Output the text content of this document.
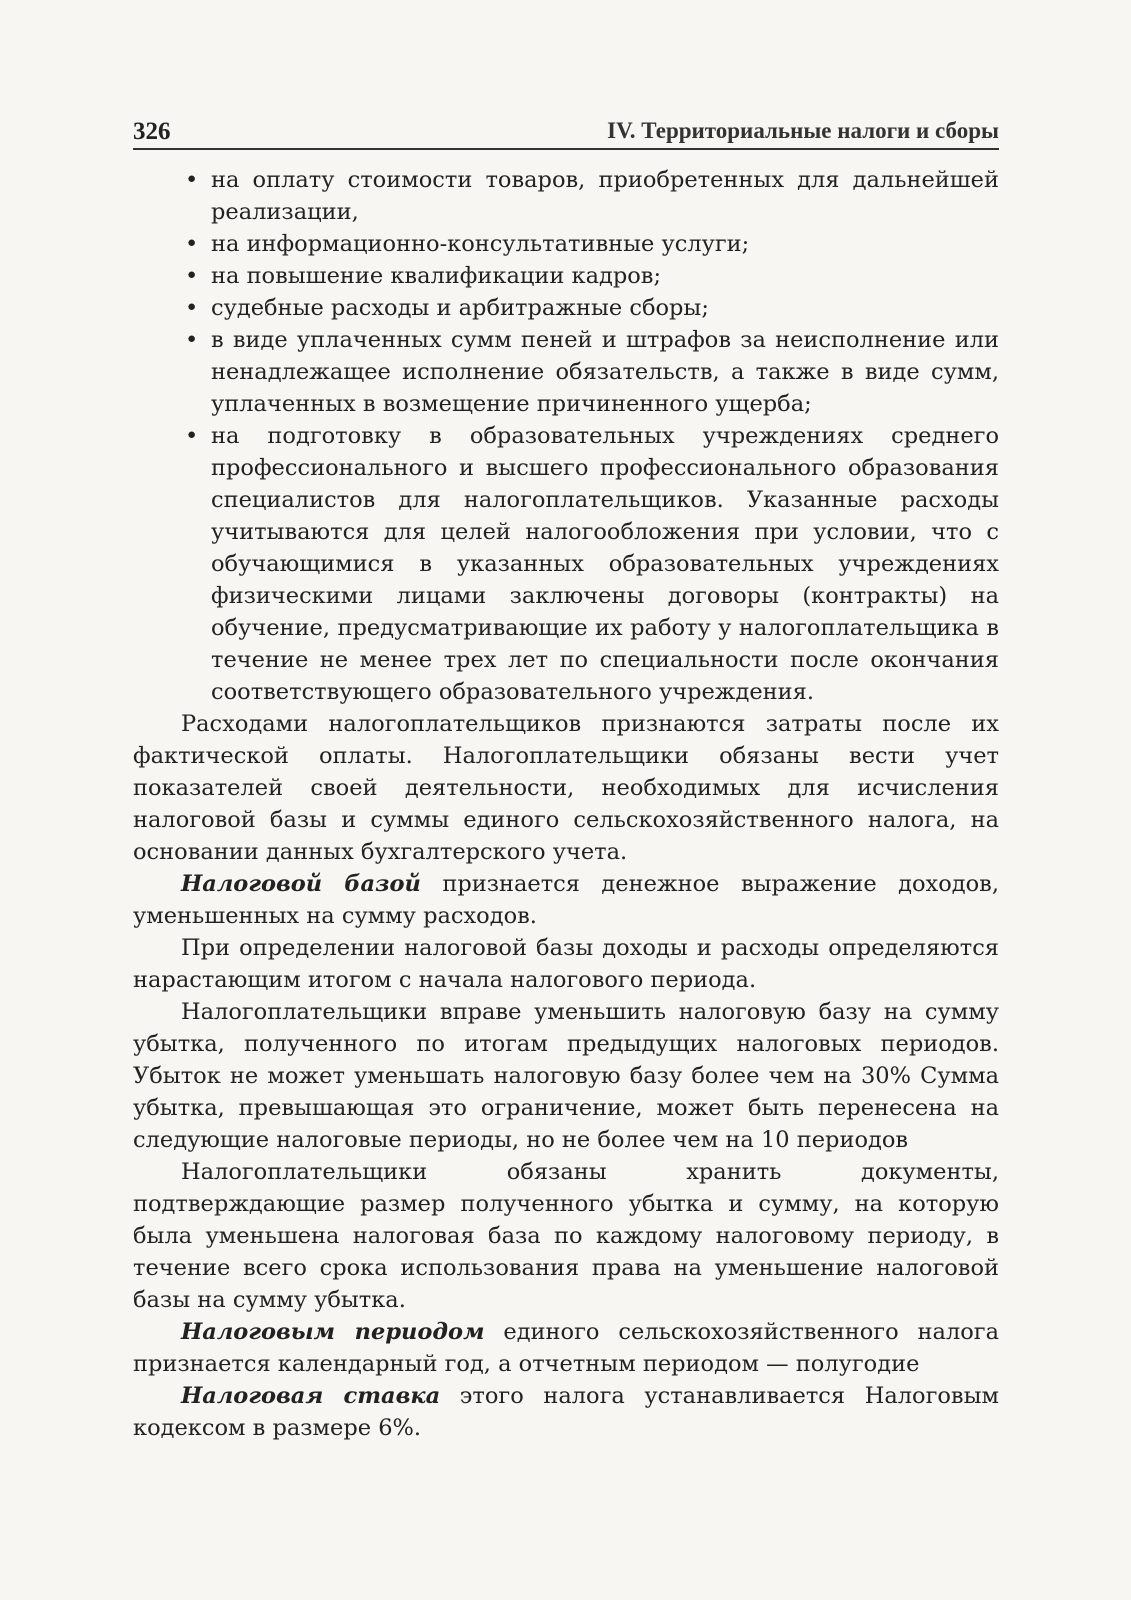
326	IV. Территориальные налоги и сборы
• на оплату стоимости товаров, приобретенных для дальнейшей реализации,
• на информационно-консультативные услуги;
• на повышение квалификации кадров;
• судебные расходы и арбитражные сборы;
• в виде уплаченных сумм пеней и штрафов за неисполнение или ненадлежащее исполнение обязательств, а также в виде сумм, уплаченных в возмещение причиненного ущерба;
• на подготовку в образовательных учреждениях среднего профессионального и высшего профессионального образования специалистов для налогоплательщиков. Указанные расходы учитываются для целей налогообложения при условии, что с обучающимися в указанных образовательных учреждениях физическими лицами заключены договоры (контракты) на обучение, предусматривающие их работу у налогоплательщика в течение не менее трех лет по специальности после окончания соответствующего образовательного учреждения.

Расходами налогоплательщиков признаются затраты после их фактической оплаты. Налогоплательщики обязаны вести учет показателей своей деятельности, необходимых для исчисления налоговой базы и суммы единого сельскохозяйственного налога, на основании данных бухгалтерского учета.

Налоговой базой признается денежное выражение доходов, уменьшенных на сумму расходов.

При определении налоговой базы доходы и расходы определяются нарастающим итогом с начала налогового периода.

Налогоплательщики вправе уменьшить налоговую базу на сумму убытка, полученного по итогам предыдущих налоговых периодов. Убыток не может уменьшать налоговую базу более чем на 30% Сумма убытка, превышающая это ограничение, может быть перенесена на следующие налоговые периоды, но не более чем на 10 периодов

Налогоплательщики обязаны хранить документы, подтверждающие размер полученного убытка и сумму, на которую была уменьшена налоговая база по каждому налоговому периоду, в течение всего срока использования права на уменьшение налоговой базы на сумму убытка.

Налоговым периодом единого сельскохозяйственного налога признается календарный год, а отчетным периодом — полугодие

Налоговая ставка этого налога устанавливается Налоговым кодексом в размере 6%.
